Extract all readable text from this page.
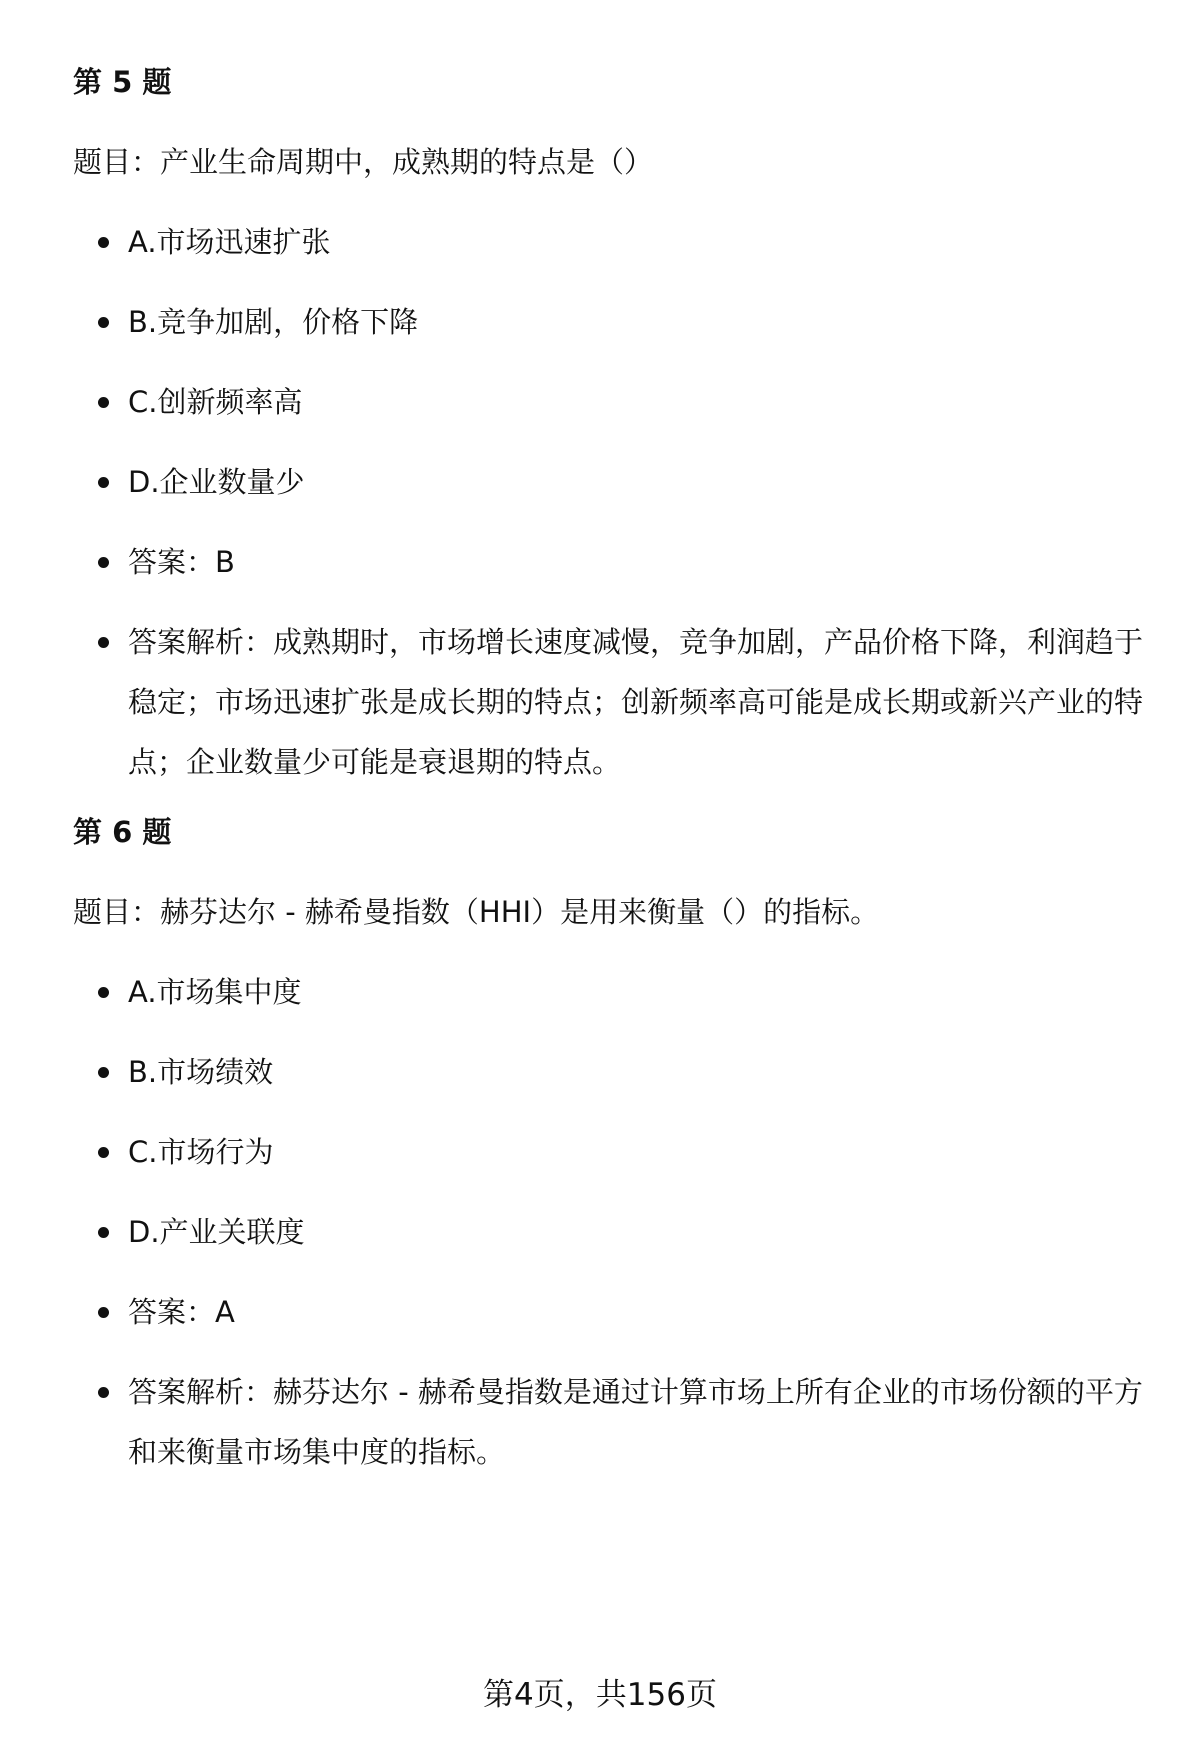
第 5 题

题目：产业生命周期中，成熟期的特点是（）

A.市场迅速扩张

B.竞争加剧，价格下降

C.创新频率高

D.企业数量少

答案：B

答案解析：成熟期时，市场增长速度减慢，竞争加剧，产品价格下降，利润趋于稳定；市场迅速扩张是成长期的特点；创新频率高可能是成长期或新兴产业的特点；企业数量少可能是衰退期的特点。

第 6 题

题目：赫芬达尔 - 赫希曼指数（HHI）是用来衡量（）的指标。

A.市场集中度

B.市场绩效

C.市场行为

D.产业关联度

答案：A

答案解析：赫芬达尔 - 赫希曼指数是通过计算市场上所有企业的市场份额的平方和来衡量市场集中度的指标。

第4页，共156页
